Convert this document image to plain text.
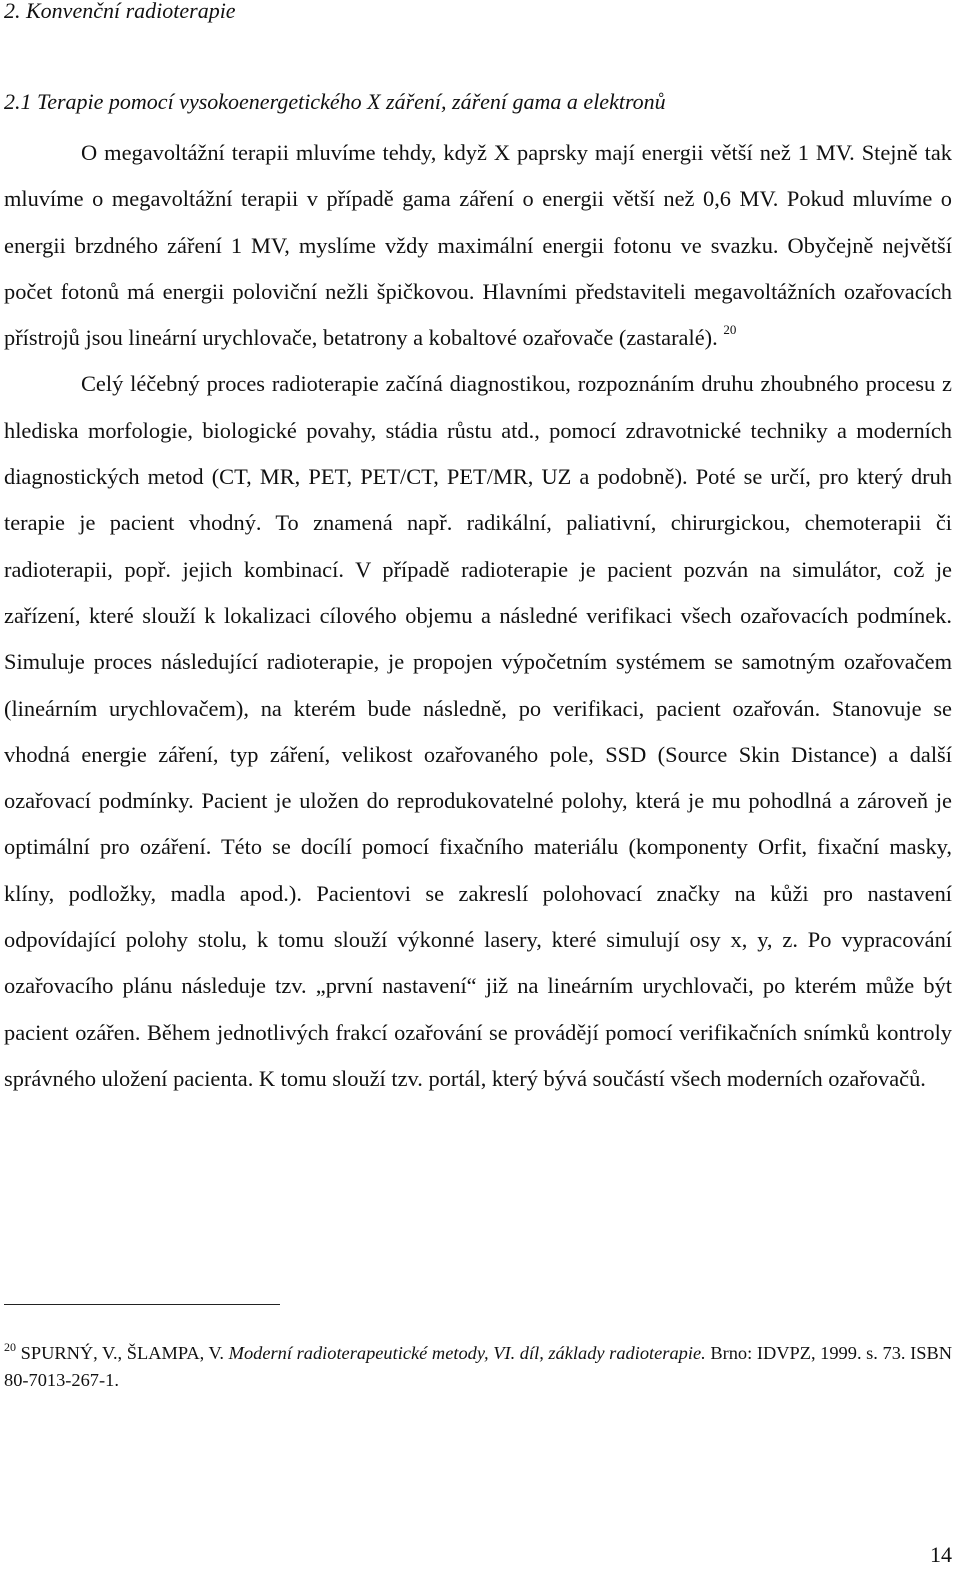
2. Konvenční radioterapie
2.1 Terapie pomocí vysokoenergetického X záření, záření gama a elektronů

O megavoltážní terapii mluvíme tehdy, když X paprsky mají energii větší než 1 MV. Stejně tak mluvíme o megavoltážní terapii v případě gama záření o energii větší než 0,6 MV. Pokud mluvíme o energii brzdného záření 1 MV, myslíme vždy maximální energii fotonu ve svazku. Obyčejně největší počet fotonů má energii poloviční nežli špičkovou. Hlavními představiteli megavoltážních ozařovacích přístrojů jsou lineární urychlovače, betatrony a kobaltové ozařovače (zastaralé). $^{20}$

Celý léčebný proces radioterapie začíná diagnostikou, rozpoznáním druhu zhoubného procesu z hlediska morfologie, biologické povahy, stádia růstu atd., pomocí zdravotnické techniky a moderních diagnostických metod (CT, MR, PET, PET/CT, PET/MR, UZ a podobně). Poté se určí, pro který druh terapie je pacient vhodný. To znamená např. radikální, paliativní, chirurgickou, chemoterapii či radioterapii, popř. jejich kombinací. V případě radioterapie je pacient pozván na simulátor, což je zařízení, které slouží k lokalizaci cílového objemu a následné verifikaci všech ozařovacích podmínek. Simuluje proces následující radioterapie, je propojen výpočetním systémem se samotným ozařovačem (lineárním urychlovačem), na kterém bude následně, po verifikaci, pacient ozařován. Stanovuje se vhodná energie záření, typ záření, velikost ozařovaného pole, SSD (Source Skin Distance) a další ozařovací podmínky. Pacient je uložen do reprodukovatelné polohy, která je mu pohodlná a zároveň je optimální pro ozáření. Této se docílí pomocí fixačního materiálu (komponenty Orfit, fixační masky, klíny, podložky, madla apod.). Pacientovi se zakreslí polohovací značky na kůži pro nastavení odpovídající polohy stolu, k tomu slouží výkonné lasery, které simulují osy x, y, z. Po vypracování ozařovacího plánu následuje tzv. „první nastavení“ již na lineárním urychlovači, po kterém může být pacient ozářen. Během jednotlivých frakcí ozařování se provádějí pomocí verifikačních snímků kontroly správného uložení pacienta. K tomu slouží tzv. portál, který bývá součástí všech moderních ozařovačů.

$^{20}$ SPURNÝ, V., ŠLAMPA, V. Moderní radioterapeutické metody, VI. díl, základy radioterapie. Brno: IDVPZ, 1999. s. 73. ISBN 80-7013-267-1.
14
